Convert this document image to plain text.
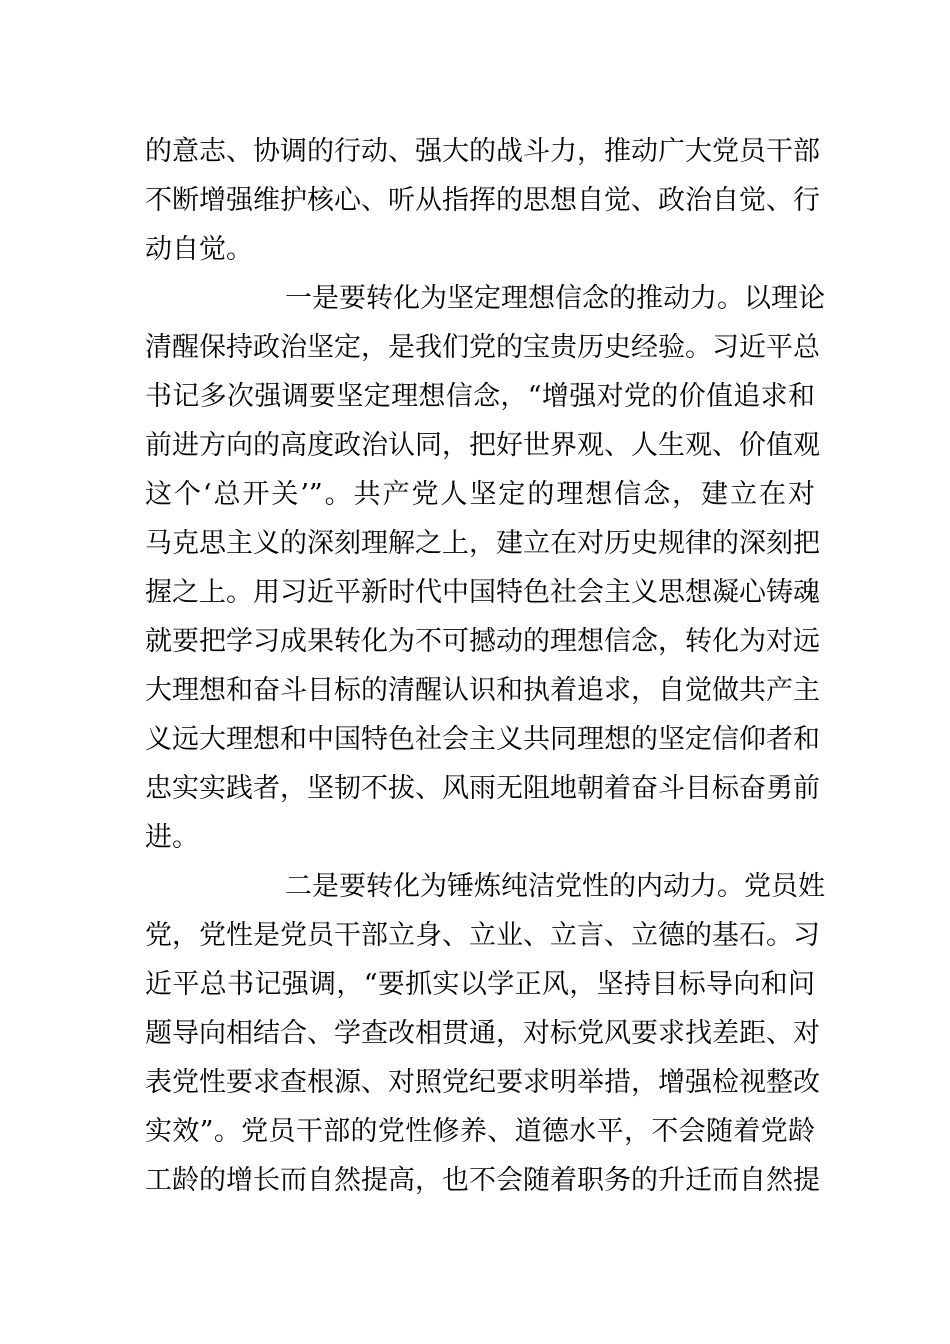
的意志、协调的行动、强大的战斗力，推动广大党员干部
不断增强维护核心、听从指挥的思想自觉、政治自觉、行
动自觉。
一是要转化为坚定理想信念的推动力。以理论
清醒保持政治坚定，是我们党的宝贵历史经验。习近平总
书记多次强调要坚定理想信念，“增强对党的价值追求和
前进方向的高度政治认同，把好世界观、人生观、价值观
这个‘总开关’”。共产党人坚定的理想信念，建立在对
马克思主义的深刻理解之上，建立在对历史规律的深刻把
握之上。用习近平新时代中国特色社会主义思想凝心铸魂
就要把学习成果转化为不可撼动的理想信念，转化为对远
大理想和奋斗目标的清醒认识和执着追求，自觉做共产主
义远大理想和中国特色社会主义共同理想的坚定信仰者和
忠实实践者，坚韧不拔、风雨无阻地朝着奋斗目标奋勇前
进。
二是要转化为锤炼纯洁党性的内动力。党员姓
党，党性是党员干部立身、立业、立言、立德的基石。习
近平总书记强调，“要抓实以学正风，坚持目标导向和问
题导向相结合、学查改相贯通，对标党风要求找差距、对
表党性要求查根源、对照党纪要求明举措，增强检视整改
实效”。党员干部的党性修养、道德水平，不会随着党龄
工龄的增长而自然提高，也不会随着职务的升迁而自然提
